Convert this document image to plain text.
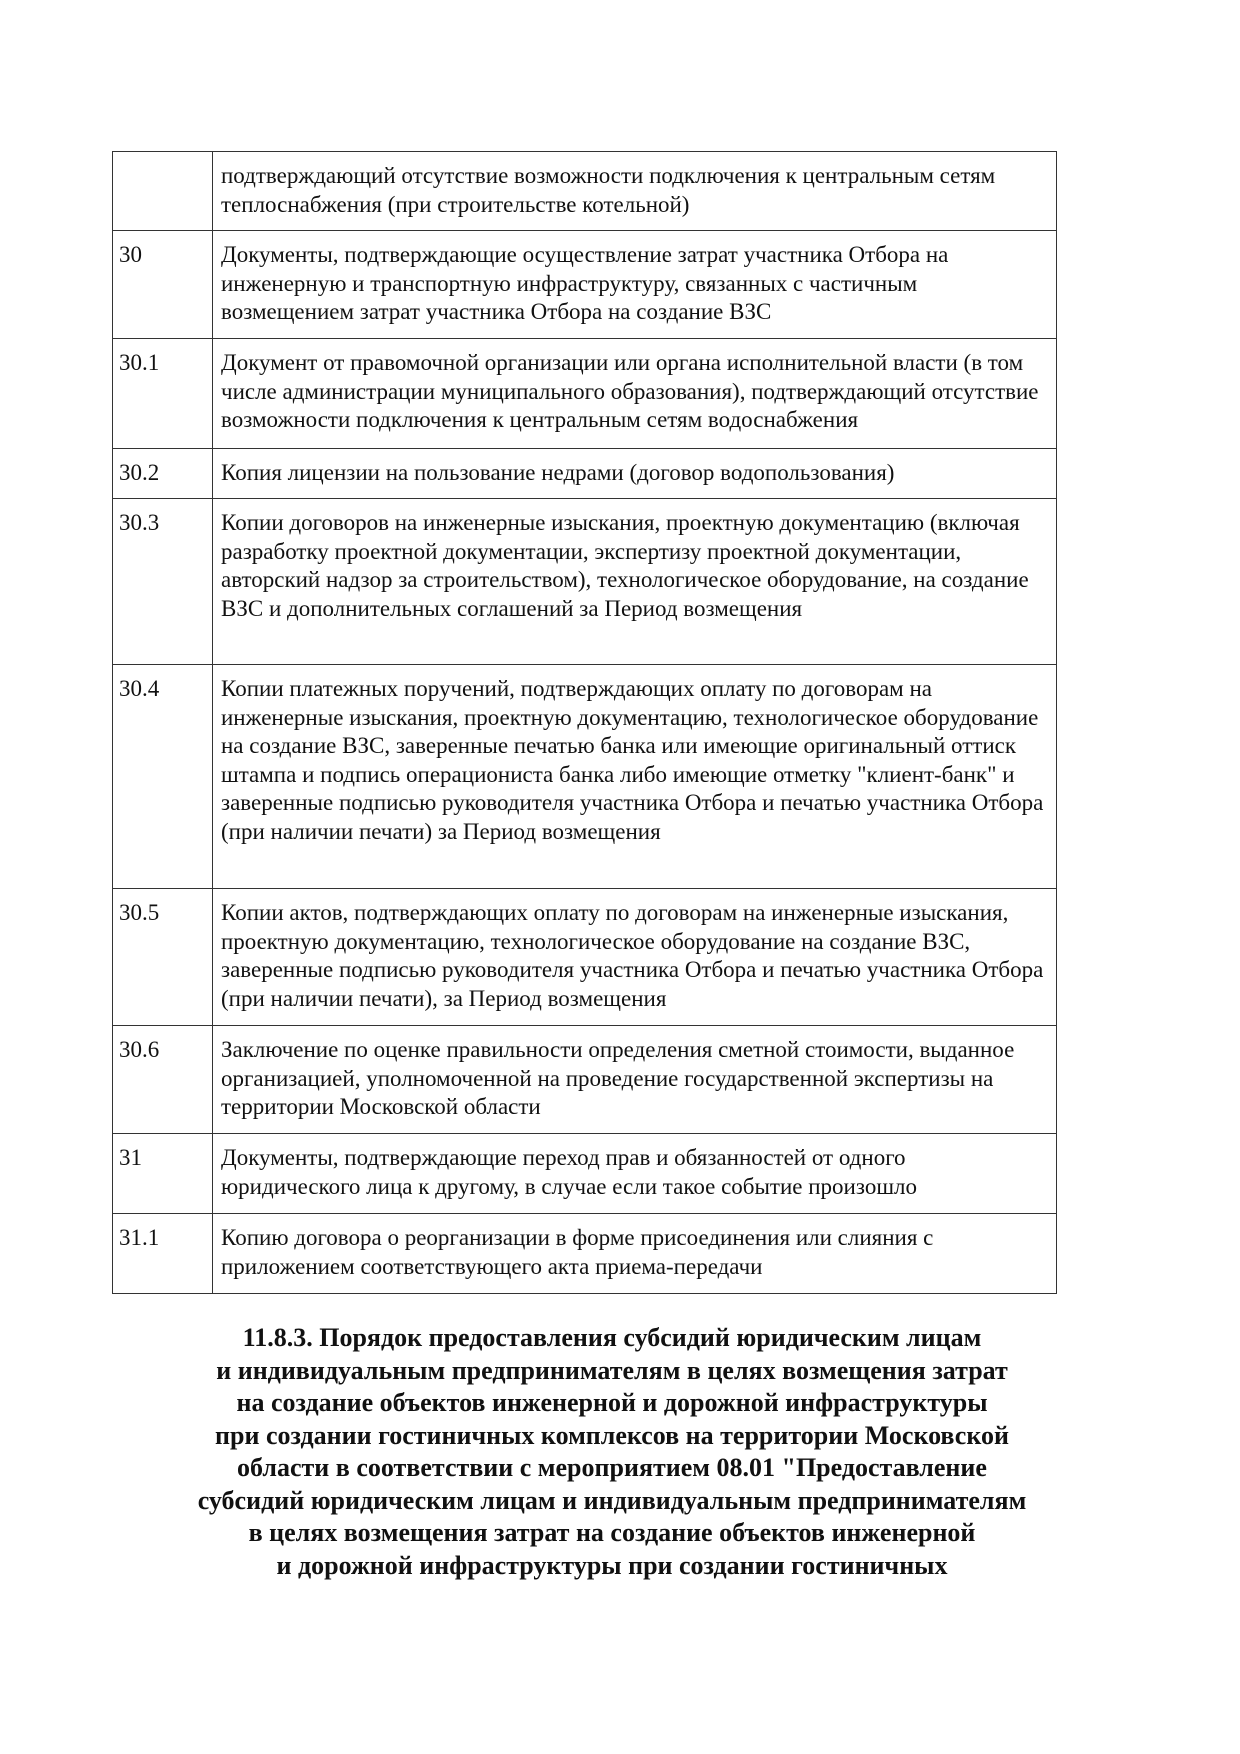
	подтверждающий отсутствие возможности подключения к центральным сетям теплоснабжения (при строительстве котельной)
30	Документы, подтверждающие осуществление затрат участника Отбора на инженерную и транспортную инфраструктуру, связанных с частичным возмещением затрат участника Отбора на создание ВЗС
30.1	Документ от правомочной организации или органа исполнительной власти (в том числе администрации муниципального образования), подтверждающий отсутствие возможности подключения к центральным сетям водоснабжения
30.2	Копия лицензии на пользование недрами (договор водопользования)
30.3	Копии договоров на инженерные изыскания, проектную документацию (включая разработку проектной документации, экспертизу проектной документации, авторский надзор за строительством), технологическое оборудование, на создание ВЗС и дополнительных соглашений за Период возмещения
30.4	Копии платежных поручений, подтверждающих оплату по договорам на инженерные изыскания, проектную документацию, технологическое оборудование на создание ВЗС, заверенные печатью банка или имеющие оригинальный оттиск штампа и подпись операциониста банка либо имеющие отметку "клиент-банк" и заверенные подписью руководителя участника Отбора и печатью участника Отбора (при наличии печати) за Период возмещения
30.5	Копии актов, подтверждающих оплату по договорам на инженерные изыскания, проектную документацию, технологическое оборудование на создание ВЗС, заверенные подписью руководителя участника Отбора и печатью участника Отбора (при наличии печати), за Период возмещения
30.6	Заключение по оценке правильности определения сметной стоимости, выданное организацией, уполномоченной на проведение государственной экспертизы на территории Московской области
31	Документы, подтверждающие переход прав и обязанностей от одного юридического лица к другому, в случае если такое событие произошло
31.1	Копию договора о реорганизации в форме присоединения или слияния с приложением соответствующего акта приема-передачи
11.8.3. Порядок предоставления субсидий юридическим лицам
и индивидуальным предпринимателям в целях возмещения затрат
на создание объектов инженерной и дорожной инфраструктуры
при создании гостиничных комплексов на территории Московской
области в соответствии с мероприятием 08.01 "Предоставление
субсидий юридическим лицам и индивидуальным предпринимателям
в целях возмещения затрат на создание объектов инженерной
и дорожной инфраструктуры при создании гостиничных
